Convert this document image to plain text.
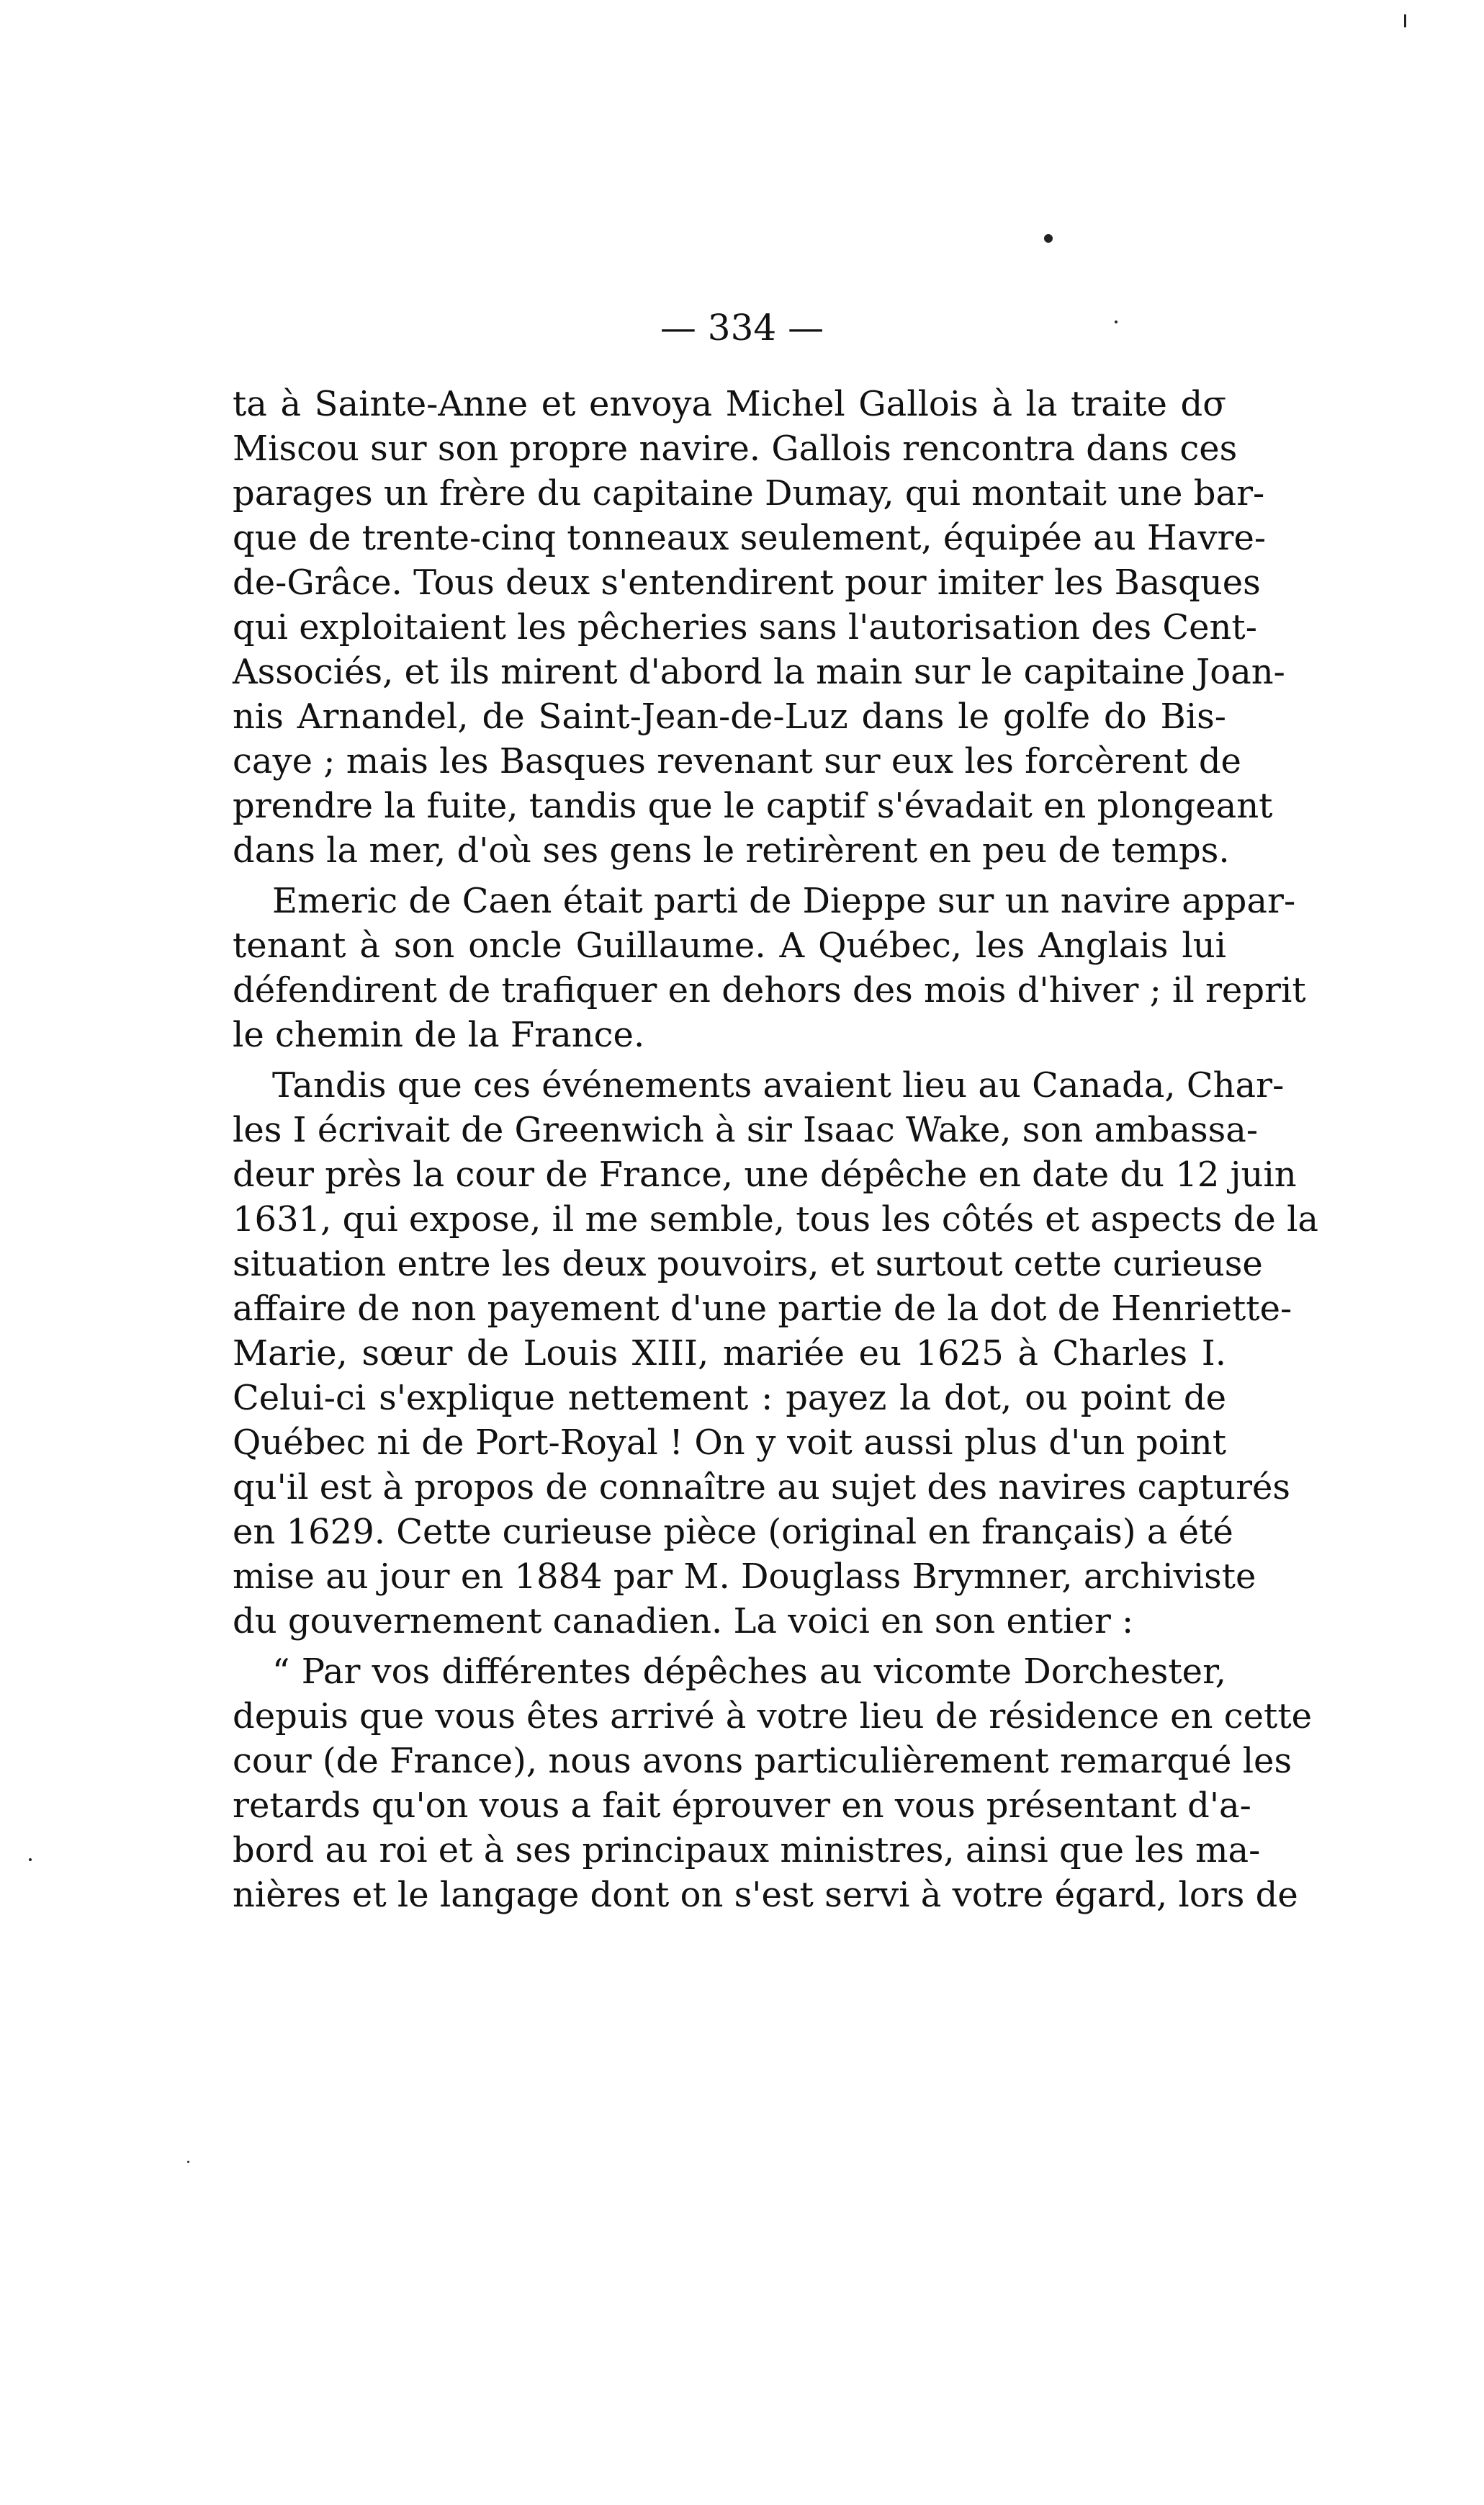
— 334 —
ta à Sainte-Anne et envoya Michel Gallois à la traite dσ
Miscou sur son propre navire. Gallois rencontra dans ces
parages un frère du capitaine Dumay, qui montait une bar-
que de trente-cinq tonneaux seulement, équipée au Havre-
de-Grâce. Tous deux s'entendirent pour imiter les Basques
qui exploitaient les pêcheries sans l'autorisation des Cent-
Associés, et ils mirent d'abord la main sur le capitaine Joan-
nis Arnandel, de Saint-Jean-de-Luz dans le golfe do Bis-
caye ; mais les Basques revenant sur eux les forcèrent de
prendre la fuite, tandis que le captif s'évadait en plongeant
dans la mer, d'où ses gens le retirèrent en peu de temps.
Emeric de Caen était parti de Dieppe sur un navire appar-
tenant à son oncle Guillaume. A Québec, les Anglais lui
défendirent de trafiquer en dehors des mois d'hiver ; il reprit
le chemin de la France.
Tandis que ces événements avaient lieu au Canada, Char-
les I écrivait de Greenwich à sir Isaac Wake, son ambassa-
deur près la cour de France, une dépêche en date du 12 juin
1631, qui expose, il me semble, tous les côtés et aspects de la
situation entre les deux pouvoirs, et surtout cette curieuse
affaire de non payement d'une partie de la dot de Henriette-
Marie, sœur de Louis XIII, mariée eu 1625 à Charles I.
Celui-ci s'explique nettement : payez la dot, ou point de
Québec ni de Port-Royal ! On y voit aussi plus d'un point
qu'il est à propos de connaître au sujet des navires capturés
en 1629. Cette curieuse pièce (original en français) a été
mise au jour en 1884 par M. Douglass Brymner, archiviste
du gouvernement canadien. La voici en son entier :
“ Par vos différentes dépêches au vicomte Dorchester,
depuis que vous êtes arrivé à votre lieu de résidence en cette
cour (de France), nous avons particulièrement remarqué les
retards qu'on vous a fait éprouver en vous présentant d'a-
bord au roi et à ses principaux ministres, ainsi que les ma-
nières et le langage dont on s'est servi à votre égard, lors de
